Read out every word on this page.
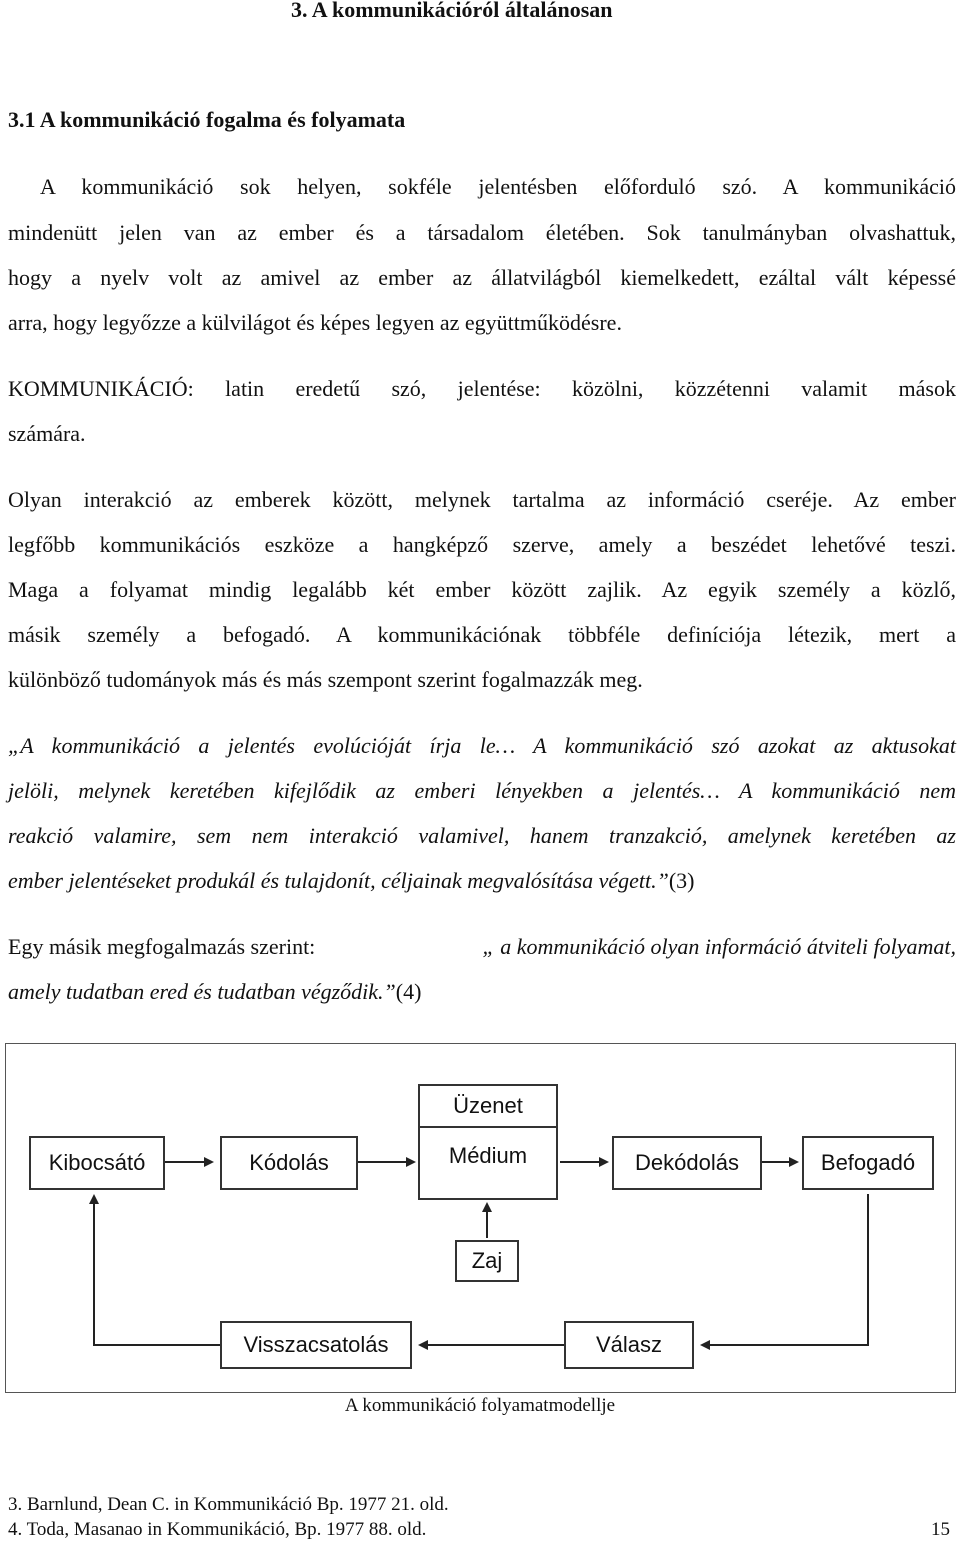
3. A kommunikációról általánosan
3.1 A kommunikáció fogalma és folyamata
A kommunikáció sok helyen, sokféle jelentésben előforduló szó. A kommunikáció
mindenütt jelen van az ember és a társadalom életében. Sok tanulmányban olvashattuk,
hogy a nyelv volt az amivel az ember az állatvilágból kiemelkedett, ezáltal vált képessé
arra, hogy legyőzze a külvilágot és képes legyen az együttműködésre.
KOMMUNIKÁCIÓ: latin eredetű szó, jelentése: közölni, közzétenni valamit mások
számára.
Olyan interakció az emberek között, melynek tartalma az információ cseréje. Az ember
legfőbb kommunikációs eszköze a hangképző szerve, amely a beszédet lehetővé teszi.
Maga a folyamat mindig legalább két ember között zajlik. Az egyik személy a közlő,
másik személy a befogadó. A kommunikációnak többféle definíciója létezik, mert a
különböző tudományok más és más szempont szerint fogalmazzák meg.
„A kommunikáció a jelentés evolúcióját írja le… A kommunikáció szó azokat az aktusokat
jelöli, melynek keretében kifejlődik az emberi lényekben a jelentés… A kommunikáció nem
reakció valamire, sem nem interakció valamivel, hanem tranzakció, amelynek keretében az
ember jelentéseket produkál és tulajdonít, céljainak megvalósítása végett.”(3)
Egy másik megfogalmazás szerint:	„ a kommunikáció olyan információ átviteli folyamat,
amely tudatban ered és tudatban végződik.”(4)
Kibocsátó	Kódolás
Üzenet
Médium	Dekódolás	Befogadó
Zaj
Visszacsatolás	Válasz
A kommunikáció folyamatmodellje
3. Barnlund, Dean C. in Kommunikáció Bp. 1977 21. old.
4. Toda, Masanao in Kommunikáció, Bp. 1977 88. old.	15
